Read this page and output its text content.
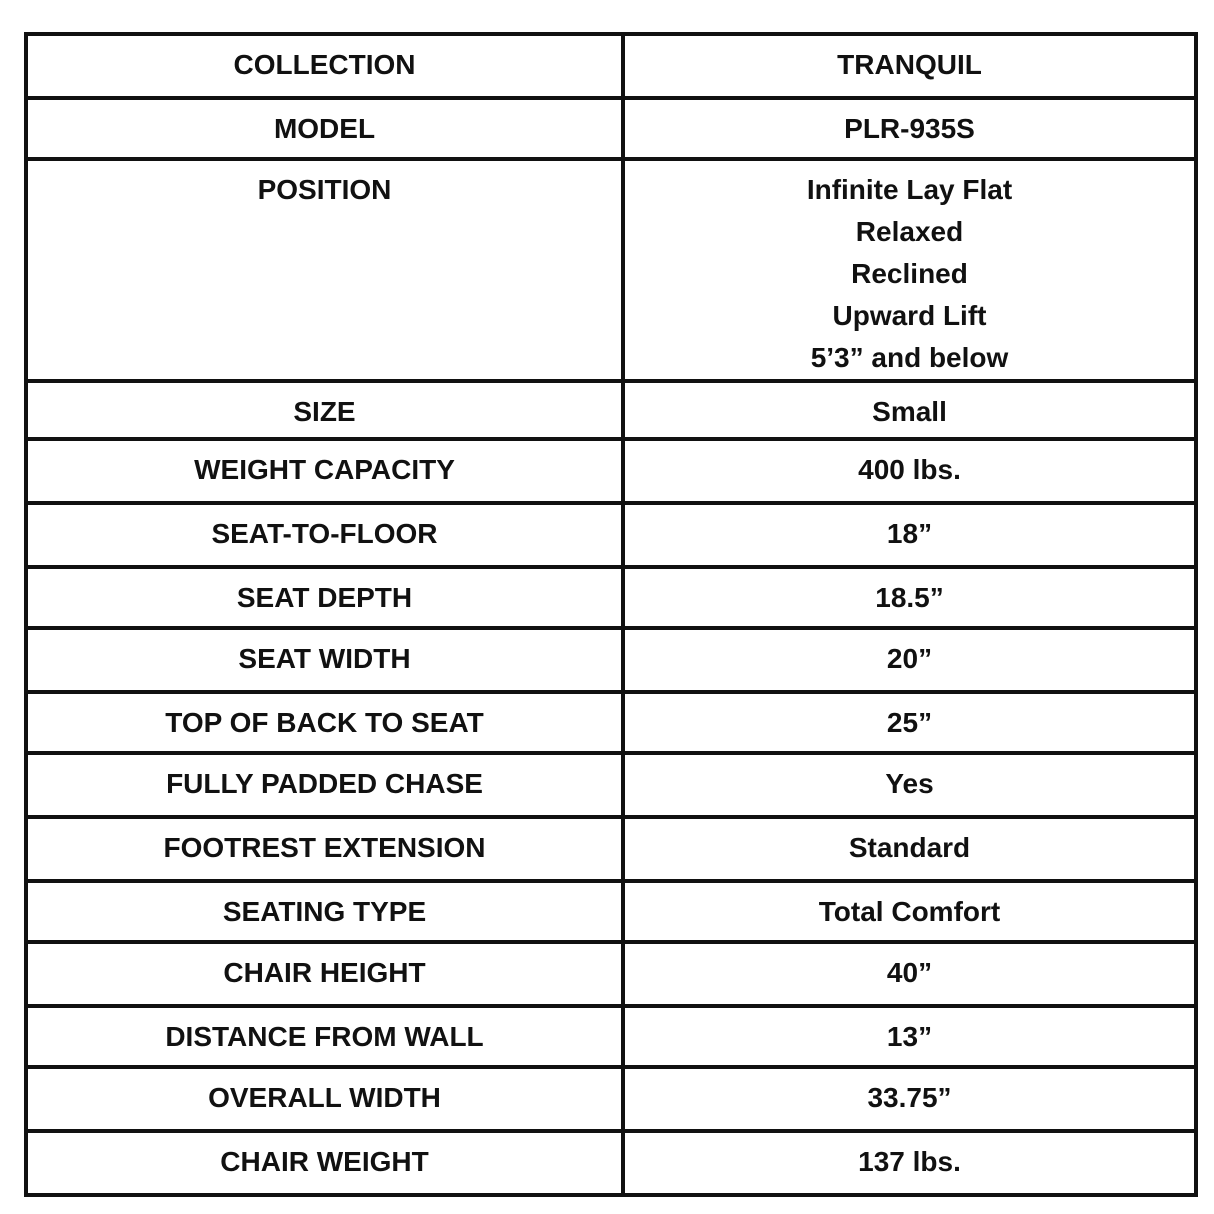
COLLECTION	TRANQUIL

MODEL	PLR-935S

POSITION	Infinite Lay Flat
Relaxed
Reclined
Upward Lift
5’3” and below

SIZE	Small

WEIGHT CAPACITY	400 lbs.

SEAT-TO-FLOOR	18”

SEAT DEPTH	18.5”

SEAT WIDTH	20”

TOP OF BACK TO SEAT	25”

FULLY PADDED CHASE	Yes

FOOTREST EXTENSION	Standard

SEATING TYPE	Total Comfort

CHAIR HEIGHT	40”

DISTANCE FROM WALL	13”

OVERALL WIDTH	33.75”

CHAIR WEIGHT	137 lbs.
